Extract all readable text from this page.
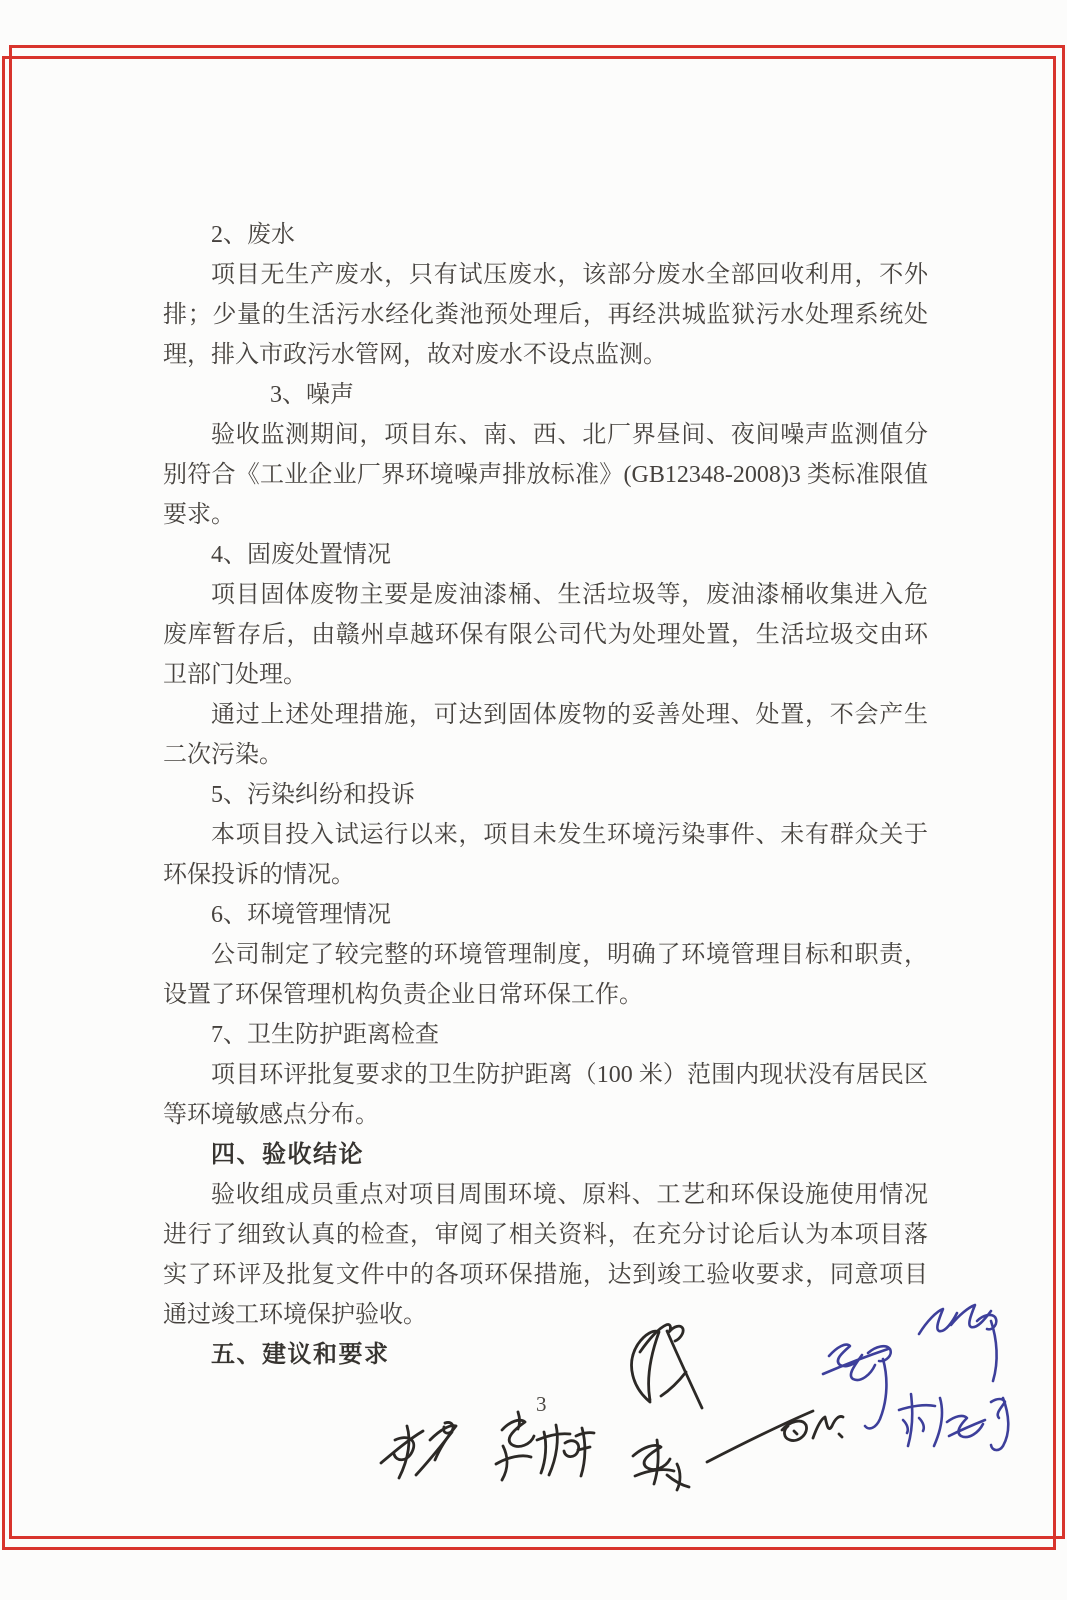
2、废水

项目无生产废水，只有试压废水，该部分废水全部回收利用，不外排；少量的生活污水经化粪池预处理后，再经洪城监狱污水处理系统处理，排入市政污水管网，故对废水不设点监测。

3、噪声

验收监测期间，项目东、南、西、北厂界昼间、夜间噪声监测值分别符合《工业企业厂界环境噪声排放标准》(GB12348-2008)3 类标准限值要求。

4、固废处置情况

项目固体废物主要是废油漆桶、生活垃圾等，废油漆桶收集进入危废库暂存后，由赣州卓越环保有限公司代为处理处置，生活垃圾交由环卫部门处理。

通过上述处理措施，可达到固体废物的妥善处理、处置，不会产生二次污染。

5、污染纠纷和投诉

本项目投入试运行以来，项目未发生环境污染事件、未有群众关于环保投诉的情况。

6、环境管理情况

公司制定了较完整的环境管理制度，明确了环境管理目标和职责，设置了环保管理机构负责企业日常环保工作。

7、卫生防护距离检查

项目环评批复要求的卫生防护距离（100 米）范围内现状没有居民区等环境敏感点分布。

四、验收结论

验收组成员重点对项目周围环境、原料、工艺和环保设施使用情况进行了细致认真的检查，审阅了相关资料，在充分讨论后认为本项目落实了环评及批复文件中的各项环保措施，达到竣工验收要求，同意项目通过竣工环境保护验收。

五、建议和要求

3
